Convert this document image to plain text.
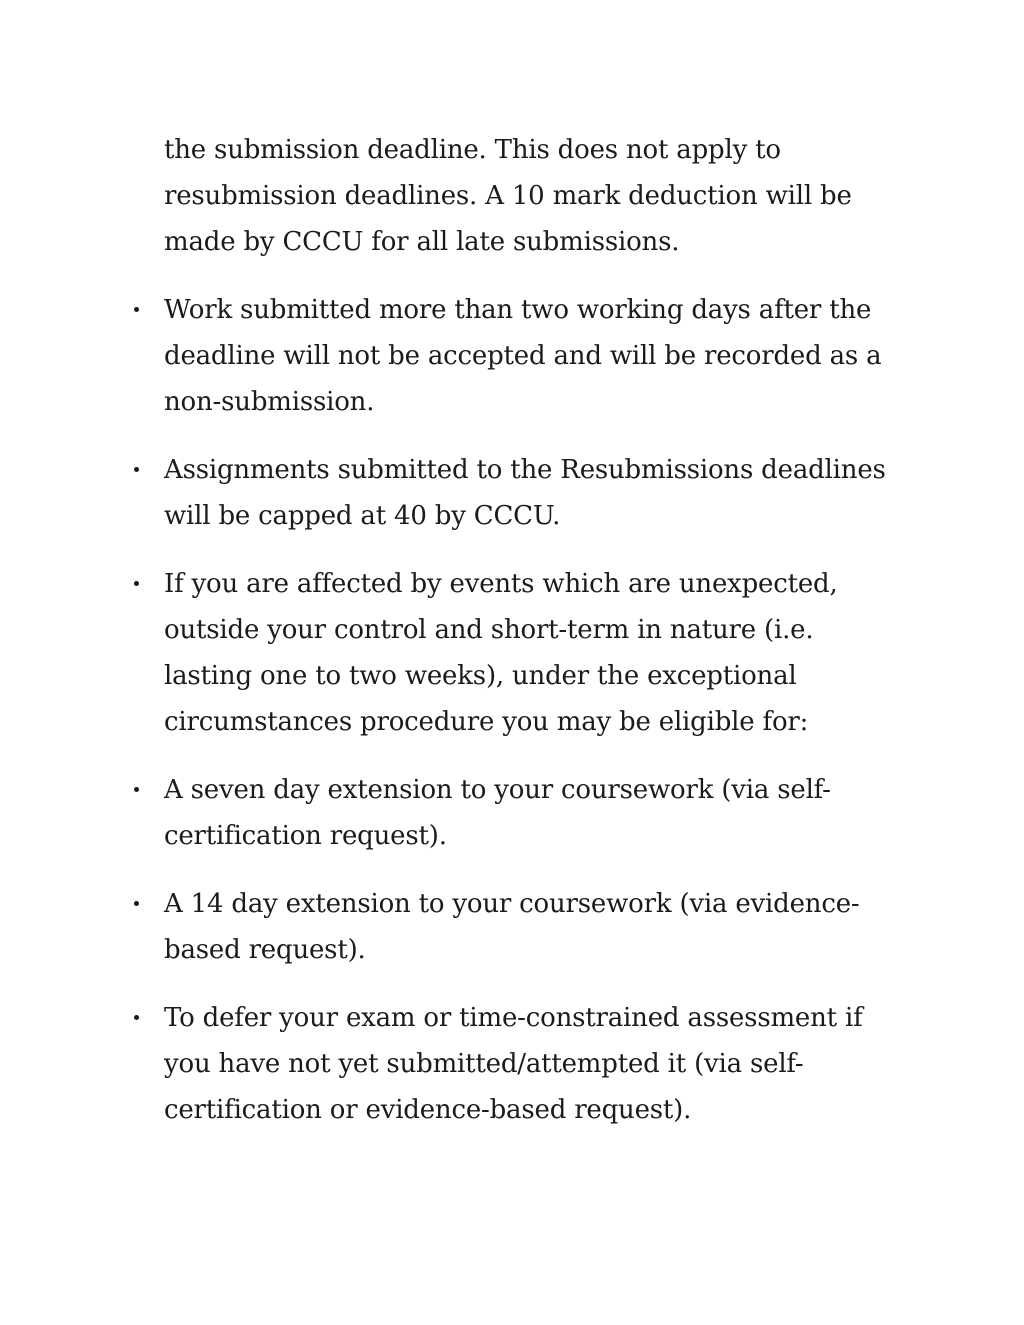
the submission deadline. This does not apply to resubmission deadlines. A 10 mark deduction will be made by CCCU for all late submissions.

Work submitted more than two working days after the deadline will not be accepted and will be recorded as a non-submission.
Assignments submitted to the Resubmissions deadlines will be capped at 40 by CCCU.
If you are affected by events which are unexpected, outside your control and short-term in nature (i.e. lasting one to two weeks), under the exceptional circumstances procedure you may be eligible for:
A seven day extension to your coursework (via self-certification request).
A 14 day extension to your coursework (via evidence-based request).
To defer your exam or time-constrained assessment if you have not yet submitted/attempted it (via self-certification or evidence-based request).
